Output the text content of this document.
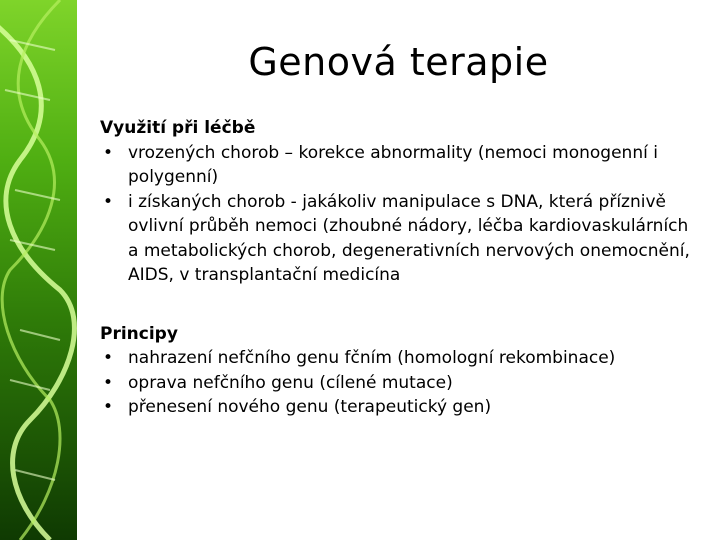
Genová terapie

Využití při léčbě

• vrozených chorob – korekce abnormality (nemoci monogenní i polygenní)
• i získaných chorob - jakákoliv manipulace s DNA, která příznivě ovlivní průběh nemoci (zhoubné nádory, léčba kardiovaskulárních a metabolických chorob, degenerativních nervových onemocnění, AIDS, v transplantační medicína

Principy

• nahrazení nefčního genu fčním (homologní rekombinace)
• oprava nefčního genu (cílené mutace)
• přenesení nového genu (terapeutický gen)
